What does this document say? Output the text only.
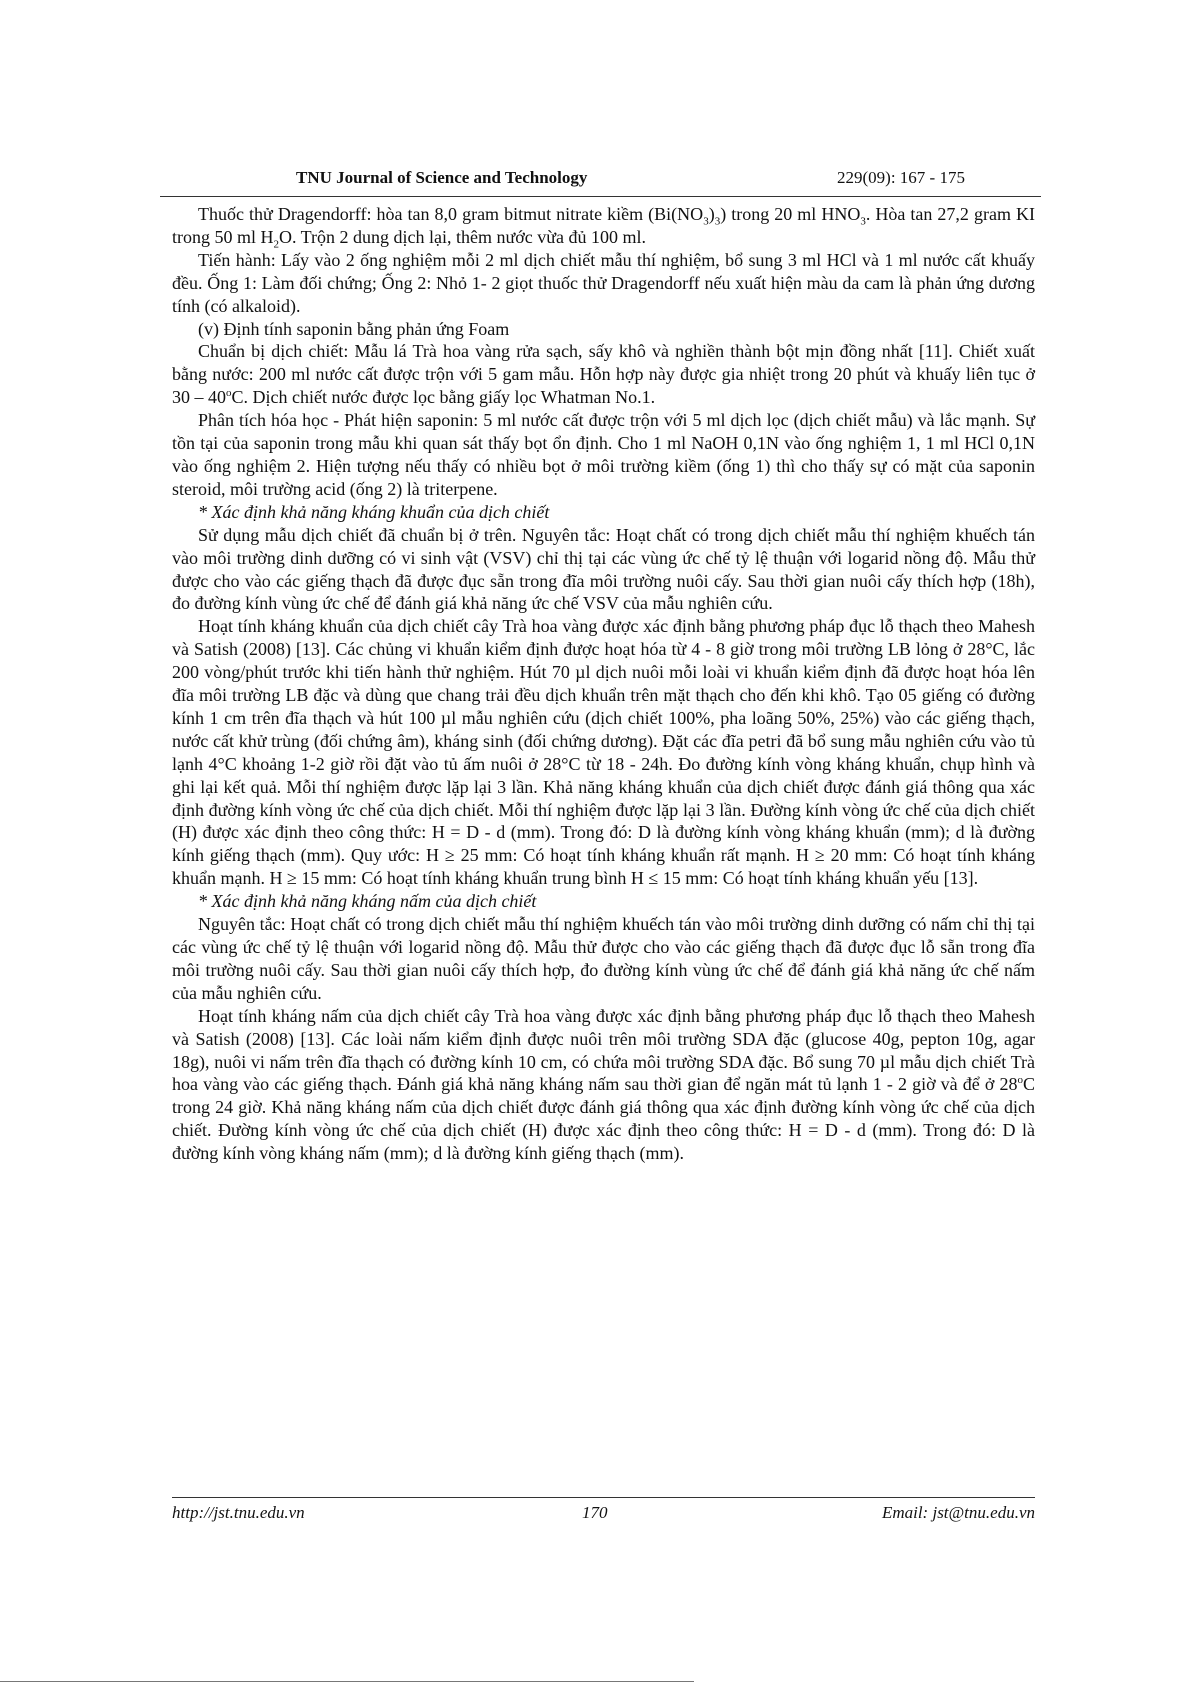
TNU Journal of Science and Technology	229(09): 167 - 175

Thuốc thử Dragendorff: hòa tan 8,0 gram bitmut nitrate kiềm $(Bi(NO_3)_3)$ trong 20 ml $HNO_3$. Hòa tan 27,2 gram KI trong 50 ml $H_2O$. Trộn 2 dung dịch lại, thêm nước vừa đủ 100 ml.

Tiến hành: Lấy vào 2 ống nghiệm mỗi 2 ml dịch chiết mẫu thí nghiệm, bổ sung 3 ml HCl và 1 ml nước cất khuấy đều. Ống 1: Làm đối chứng; Ống 2: Nhỏ 1- 2 giọt thuốc thử Dragendorff nếu xuất hiện màu da cam là phản ứng dương tính (có alkaloid).

(v) Định tính saponin bằng phản ứng Foam

Chuẩn bị dịch chiết: Mẫu lá Trà hoa vàng rửa sạch, sấy khô và nghiền thành bột mịn đồng nhất [11]. Chiết xuất bằng nước: 200 ml nước cất được trộn với 5 gam mẫu. Hỗn hợp này được gia nhiệt trong 20 phút và khuấy liên tục ở 30 – 40$^o$C. Dịch chiết nước được lọc bằng giấy lọc Whatman No.1.

Phân tích hóa học - Phát hiện saponin: 5 ml nước cất được trộn với 5 ml dịch lọc (dịch chiết mẫu) và lắc mạnh. Sự tồn tại của saponin trong mẫu khi quan sát thấy bọt ổn định. Cho 1 ml NaOH 0,1N vào ống nghiệm 1, 1 ml HCl 0,1N vào ống nghiệm 2. Hiện tượng nếu thấy có nhiều bọt ở môi trường kiềm (ống 1) thì cho thấy sự có mặt của saponin steroid, môi trường acid (ống 2) là triterpene.

* Xác định khả năng kháng khuẩn của dịch chiết

Sử dụng mẫu dịch chiết đã chuẩn bị ở trên. Nguyên tắc: Hoạt chất có trong dịch chiết mẫu thí nghiệm khuếch tán vào môi trường dinh dưỡng có vi sinh vật (VSV) chỉ thị tại các vùng ức chế tỷ lệ thuận với logarid nồng độ. Mẫu thử được cho vào các giếng thạch đã được đục sẵn trong đĩa môi trường nuôi cấy. Sau thời gian nuôi cấy thích hợp (18h), đo đường kính vùng ức chế để đánh giá khả năng ức chế VSV của mẫu nghiên cứu.

Hoạt tính kháng khuẩn của dịch chiết cây Trà hoa vàng được xác định bằng phương pháp đục lỗ thạch theo Mahesh và Satish (2008) [13]. Các chủng vi khuẩn kiểm định được hoạt hóa từ 4 - 8 giờ trong môi trường LB lỏng ở 28°C, lắc 200 vòng/phút trước khi tiến hành thử nghiệm. Hút 70 µl dịch nuôi mỗi loài vi khuẩn kiểm định đã được hoạt hóa lên đĩa môi trường LB đặc và dùng que chang trải đều dịch khuẩn trên mặt thạch cho đến khi khô. Tạo 05 giếng có đường kính 1 cm trên đĩa thạch và hút 100 µl mẫu nghiên cứu (dịch chiết 100%, pha loãng 50%, 25%) vào các giếng thạch, nước cất khử trùng (đối chứng âm), kháng sinh (đối chứng dương). Đặt các đĩa petri đã bổ sung mẫu nghiên cứu vào tủ lạnh 4°C khoảng 1-2 giờ rồi đặt vào tủ ấm nuôi ở 28°C từ 18 - 24h. Đo đường kính vòng kháng khuẩn, chụp hình và ghi lại kết quả. Mỗi thí nghiệm được lặp lại 3 lần. Khả năng kháng khuẩn của dịch chiết được đánh giá thông qua xác định đường kính vòng ức chế của dịch chiết. Mỗi thí nghiệm được lặp lại 3 lần. Đường kính vòng ức chế của dịch chiết (H) được xác định theo công thức: H = D - d (mm). Trong đó: D là đường kính vòng kháng khuẩn (mm); d là đường kính giếng thạch (mm). Quy ước: H ≥ 25 mm: Có hoạt tính kháng khuẩn rất mạnh. H ≥ 20 mm: Có hoạt tính kháng khuẩn mạnh. H ≥ 15 mm: Có hoạt tính kháng khuẩn trung bình H ≤ 15 mm: Có hoạt tính kháng khuẩn yếu [13].

* Xác định khả năng kháng nấm của dịch chiết

Nguyên tắc: Hoạt chất có trong dịch chiết mẫu thí nghiệm khuếch tán vào môi trường dinh dưỡng có nấm chỉ thị tại các vùng ức chế tỷ lệ thuận với logarid nồng độ. Mẫu thử được cho vào các giếng thạch đã được đục lỗ sẵn trong đĩa môi trường nuôi cấy. Sau thời gian nuôi cấy thích hợp, đo đường kính vùng ức chế để đánh giá khả năng ức chế nấm của mẫu nghiên cứu.

Hoạt tính kháng nấm của dịch chiết cây Trà hoa vàng được xác định bằng phương pháp đục lỗ thạch theo Mahesh và Satish (2008) [13]. Các loài nấm kiểm định được nuôi trên môi trường SDA đặc (glucose 40g, pepton 10g, agar 18g), nuôi vi nấm trên đĩa thạch có đường kính 10 cm, có chứa môi trường SDA đặc. Bổ sung 70 µl mẫu dịch chiết Trà hoa vàng vào các giếng thạch. Đánh giá khả năng kháng nấm sau thời gian để ngăn mát tủ lạnh 1 - 2 giờ và để ở 28$^o$C trong 24 giờ. Khả năng kháng nấm của dịch chiết được đánh giá thông qua xác định đường kính vòng ức chế của dịch chiết. Đường kính vòng ức chế của dịch chiết (H) được xác định theo công thức: H = D - d (mm). Trong đó: D là đường kính vòng kháng nấm (mm); d là đường kính giếng thạch (mm).

http://jst.tnu.edu.vn	170	Email: jst@tnu.edu.vn
